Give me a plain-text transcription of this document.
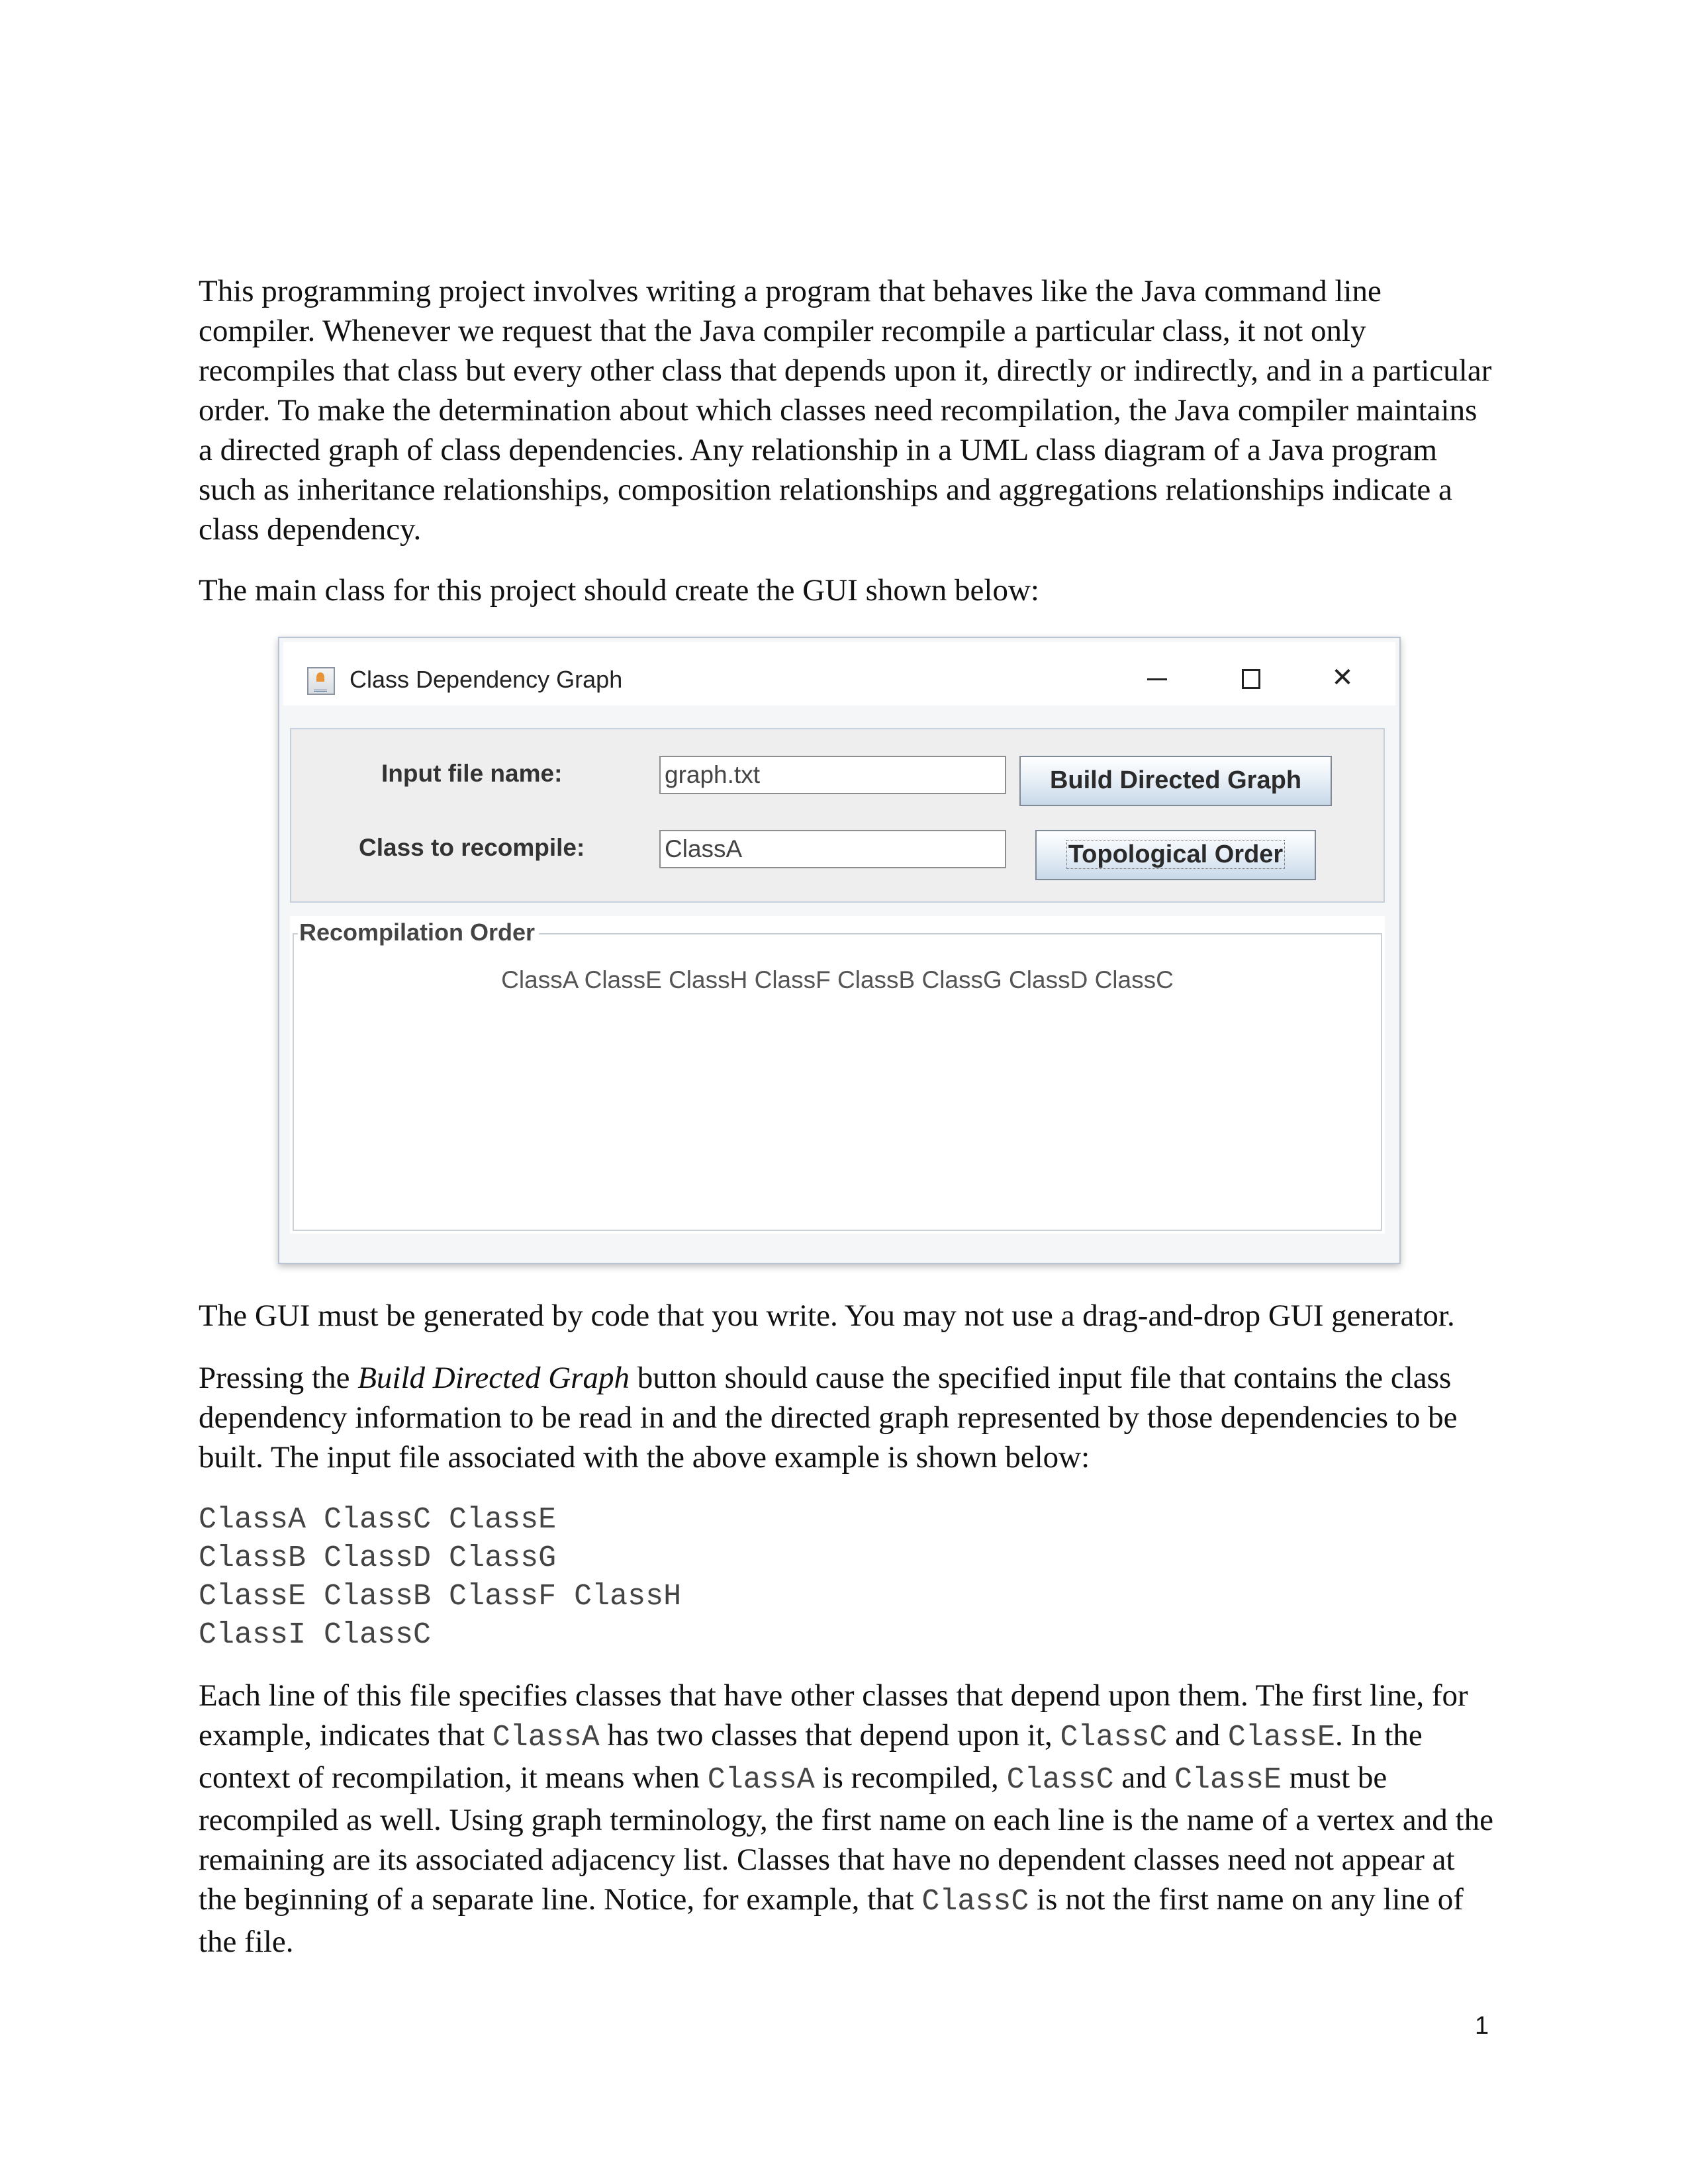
This programming project involves writing a program that behaves like the Java command line compiler. Whenever we request that the Java compiler recompile a particular class, it not only recompiles that class but every other class that depends upon it, directly or indirectly, and in a particular order. To make the determination about which classes need recompilation, the Java compiler maintains a directed graph of class dependencies. Any relationship in a UML class diagram of a Java program such as inheritance relationships, composition relationships and aggregations relationships indicate a class dependency.

The main class for this project should create the GUI shown below:

Class Dependency Graph	✕
Input file name:	graph.txt	Build Directed Graph
Class to recompile:	ClassA	Topological Order
Recompilation Order
ClassA ClassE ClassH ClassF ClassB ClassG ClassD ClassC

The GUI must be generated by code that you write. You may not use a drag-and-drop GUI generator.

Pressing the Build Directed Graph button should cause the specified input file that contains the class dependency information to be read in and the directed graph represented by those dependencies to be built. The input file associated with the above example is shown below:

ClassA ClassC ClassE
ClassB ClassD ClassG
ClassE ClassB ClassF ClassH
ClassI ClassC

Each line of this file specifies classes that have other classes that depend upon them. The first line, for example, indicates that ClassA has two classes that depend upon it, ClassC and ClassE. In the context of recompilation, it means when ClassA is recompiled, ClassC and ClassE must be recompiled as well. Using graph terminology, the first name on each line is the name of a vertex and the remaining are its associated adjacency list. Classes that have no dependent classes need not appear at the beginning of a separate line. Notice, for example, that ClassC is not the first name on any line of the file.

1
